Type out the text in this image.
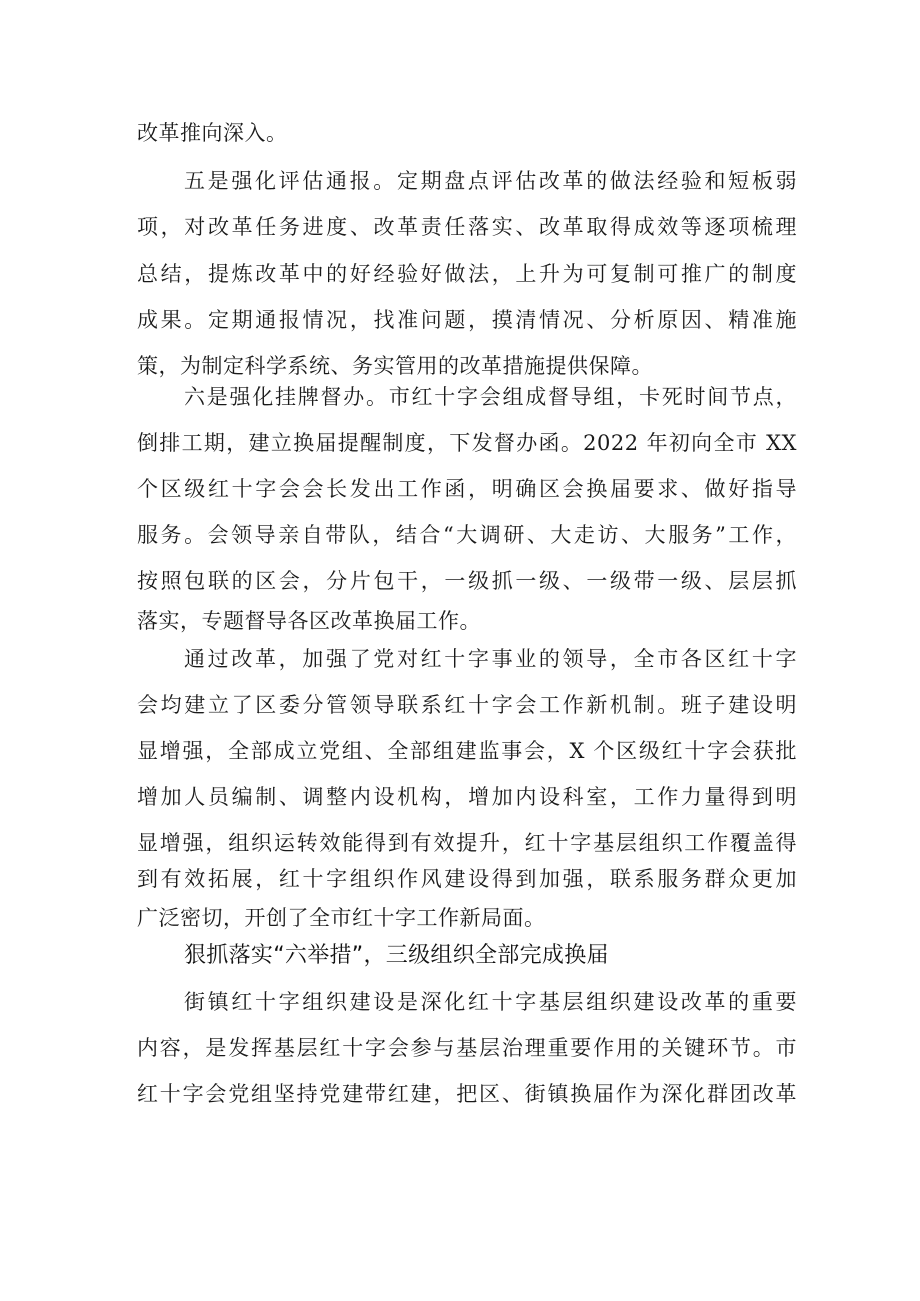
改革推向深入。
五是强化评估通报。定期盘点评估改革的做法经验和短板弱
项，对改革任务进度、改革责任落实、改革取得成效等逐项梳理
总结，提炼改革中的好经验好做法，上升为可复制可推广的制度
成果。定期通报情况，找准问题，摸清情况、分析原因、精准施
策，为制定科学系统、务实管用的改革措施提供保障。
六是强化挂牌督办。市红十字会组成督导组，卡死时间节点，
倒排工期，建立换届提醒制度，下发督办函。2022 年初向全市 XX
个区级红十字会会长发出工作函，明确区会换届要求、做好指导
服务。会领导亲自带队，结合“大调研、大走访、大服务”工作，
按照包联的区会，分片包干，一级抓一级、一级带一级、层层抓
落实，专题督导各区改革换届工作。
通过改革，加强了党对红十字事业的领导，全市各区红十字
会均建立了区委分管领导联系红十字会工作新机制。班子建设明
显增强，全部成立党组、全部组建监事会，X 个区级红十字会获批
增加人员编制、调整内设机构，增加内设科室，工作力量得到明
显增强，组织运转效能得到有效提升，红十字基层组织工作覆盖得
到有效拓展，红十字组织作风建设得到加强，联系服务群众更加
广泛密切，开创了全市红十字工作新局面。
狠抓落实“六举措”，三级组织全部完成换届
街镇红十字组织建设是深化红十字基层组织建设改革的重要
内容，是发挥基层红十字会参与基层治理重要作用的关键环节。市
红十字会党组坚持党建带红建，把区、街镇换届作为深化群团改革
